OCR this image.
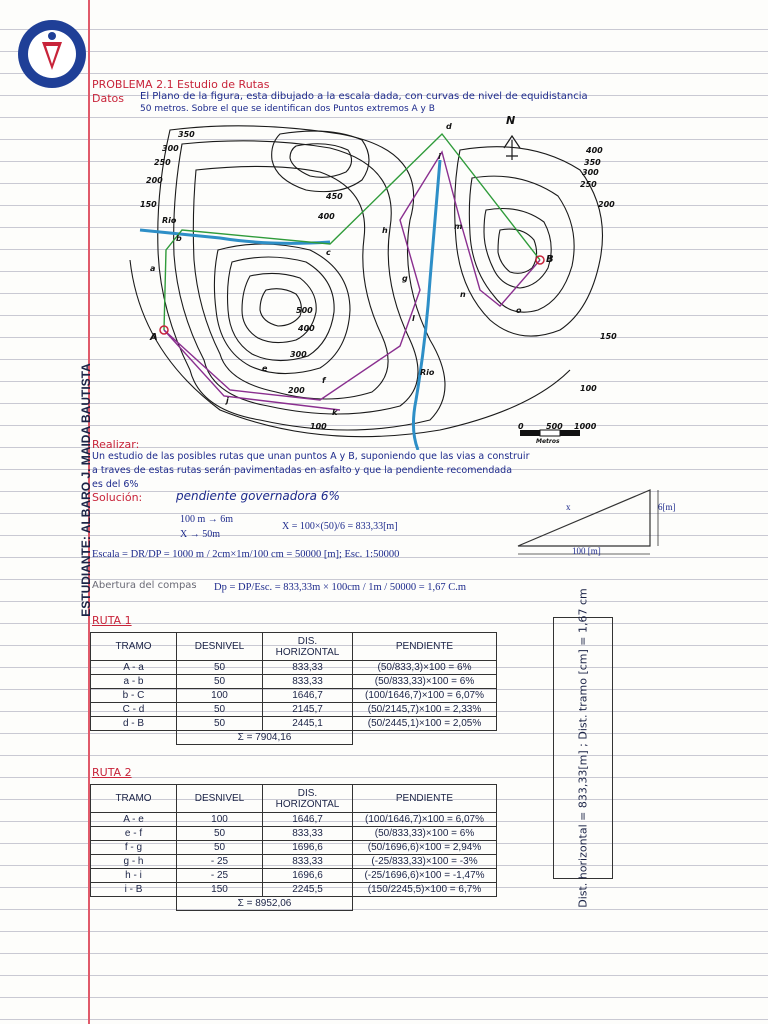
PROBLEMA 2.1 Estudio de Rutas
Datos El Plano de la figura, esta dibujado a la escala dada, con curvas de nivel de equidistancia
50 metros. Sobre el que se identifican dos Puntos extremos A y B
ESTUDIANTE: ALBARO J. MAIDA BAUTISTA
350
300
250
200
150
450
400
500
400
300
200
100
400
350
300
250
200
150
100
Rio
Rio
a
b
c
d
e
f
g
h
i
j
k
l
m
n
o
A
B
N
0	500 1000
Metros
Realizar:
Un estudio de las posibles rutas que unan puntos A y B, suponiendo que las vias a construir
a traves de estas rutas serán pavimentadas en asfalto y que la pendiente recomendada
es del 6%
Solución:	pendiente governadora 6%
100 m → 6m
X → 50m
X = 100×(50)/6 = 833,33[m]
Escala = DR/DP = 1000 m / 2cm×1m/100 cm = 50000 [m]; Esc. 1:50000
Abertura del compas Dp = DP/Esc. = 833,33m × 100cm / 1m / 50000 = 1,67 C.m
6[m]
100 [m]
x
RUTA 1
TRAMO	DESNIVEL	DIS. HORIZONTAL	PENDIENTE
A - a	50	833,33	(50/833,3)×100 = 6%
a - b	50	833,33	(50/833,33)×100 = 6%
b - C	100	1646,7	(100/1646,7)×100 = 6,07%
C - d	50	2145,7	(50/2145,7)×100 = 2,33%
d - B	50	2445,1	(50/2445,1)×100 = 2,05%
	Σ = 7904,16		
RUTA 2
TRAMO	DESNIVEL	DIS. HORIZONTAL	PENDIENTE
A - e	100	1646,7	(100/1646,7)×100 = 6,07%
e - f	50	833,33	(50/833,33)×100 = 6%
f - g	50	1696,6	(50/1696,6)×100 = 2,94%
g - h	- 25	833,33	(-25/833,33)×100 = -3%
h - i	- 25	1696,6	(-25/1696,6)×100 = -1,47%
i - B	150	2245,5	(150/2245,5)×100 = 6,7%
	Σ = 8952,06			Dist. horizontal = 833,33[m] ; Dist. tramo [cm] = 1,67 cm
